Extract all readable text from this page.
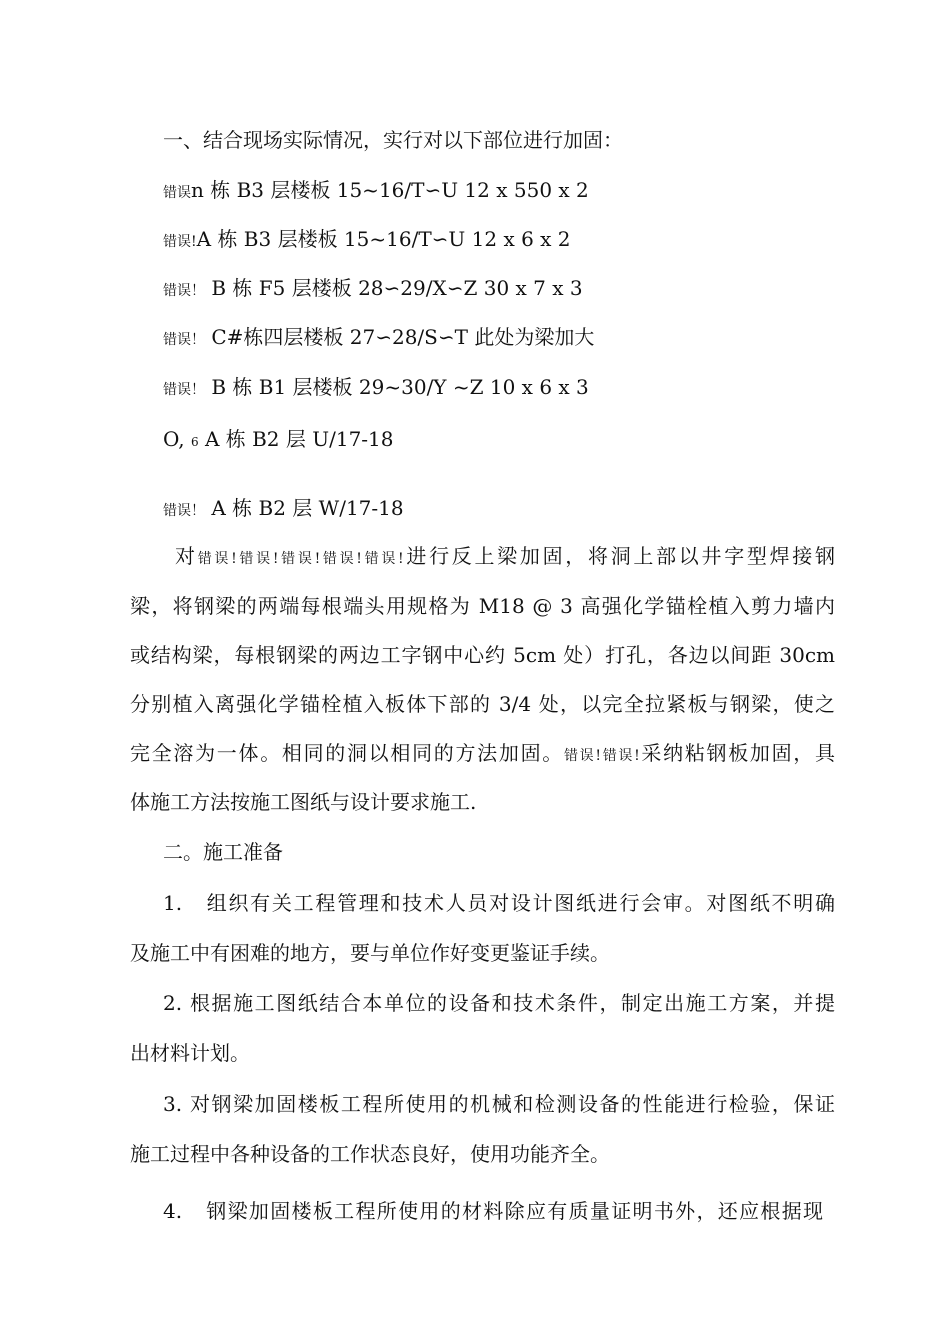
一、结合现场实际情况，实行对以下部位进行加固：
错误n 栋 B3 层楼板 15~16/T∽U 12 x 550 x 2
错误!A 栋 B3 层楼板 15~16/T∽U 12 x 6 x 2
错误！ B 栋 F5 层楼板 28∽29/X∽Z 30 x 7 x 3
错误！ C#栋四层楼板 27∽28/S∽T 此处为梁加大
错误！ B 栋 B1 层楼板 29~30/Y ~Z 10 x 6 x 3
O, 6 A 栋 B2 层 U/17-18
错误！ A 栋 B2 层 W/17-18
对错误!错误!错误!错误!错误!进行反上梁加固，将洞上部以井字型焊接钢
梁，将钢梁的两端每根端头用规格为 M18 @ 3 高强化学锚栓植入剪力墙内
或结构梁，每根钢梁的两边工字钢中心约 5cm 处）打孔，各边以间距 30cm
分别植入离强化学锚栓植入板体下部的 3/4 处，以完全拉紧板与钢梁，使之
完全溶为一体。相同的洞以相同的方法加固。错误!错误!采纳粘钢板加固，具
体施工方法按施工图纸与设计要求施工.
二。施工准备
1. 组织有关工程管理和技术人员对设计图纸进行会审。对图纸不明确
及施工中有困难的地方，要与单位作好变更鉴证手续。
2. 根据施工图纸结合本单位的设备和技术条件，制定出施工方案，并提
出材料计划。
3. 对钢梁加固楼板工程所使用的机械和检测设备的性能进行检验，保证
施工过程中各种设备的工作状态良好，使用功能齐全。
4. 钢梁加固楼板工程所使用的材料除应有质量证明书外，还应根据现
